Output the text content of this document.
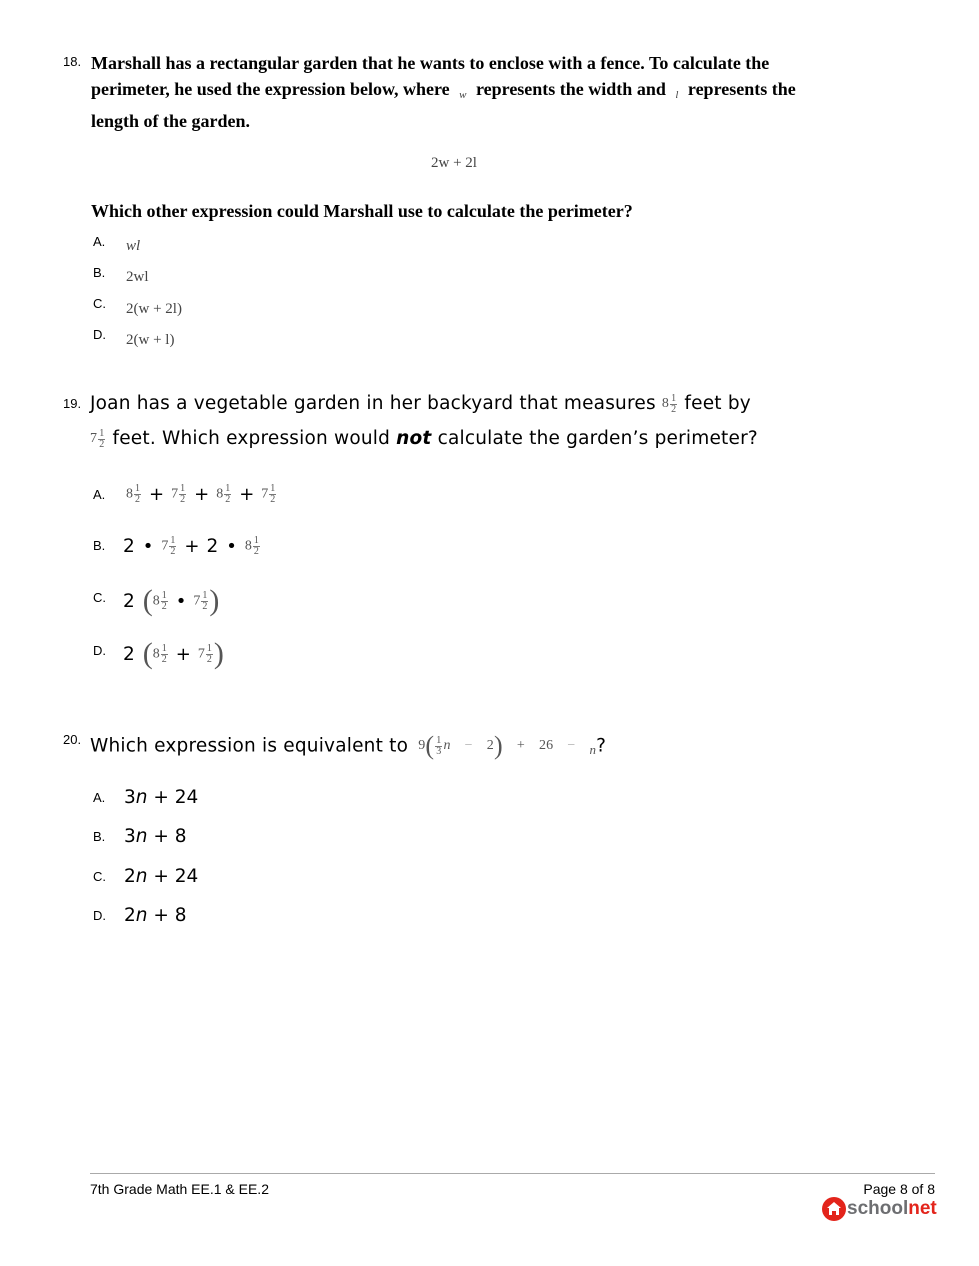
18. Marshall has a rectangular garden that he wants to enclose with a fence. To calculate the
perimeter, he used the expression below, where w represents the width and l represents the
length of the garden.
2w + 2l
Which other expression could Marshall use to calculate the perimeter?
A. wl
B. 2wl
C. 2(w + 2l)
D. 2(w + l)
19. Joan has a vegetable garden in her backyard that measures $8 \frac{1}{2}$ feet by
$7 \frac{1}{2}$ feet. Which expression would not calculate the garden’s perimeter?
A. $8 \frac{1}{2} + 7 \frac{1}{2} + 8 \frac{1}{2} + 7 \frac{1}{2}$
B. 2 • $7 \frac{1}{2} + 2$ • $8 \frac{1}{2}$
C. 2 ($8 \frac{1}{2}$ • $7 \frac{1}{2}$ )
D. 2 ($8 \frac{1}{2} + 7 \frac{1}{2}$ )
20. Which expression is equivalent to $9( \frac{1}{3}$ n − 2) + 26 − n?
A. 3n + 24
B. 3n + 8
C. 2n + 24
D. 2n + 8
7th Grade Math EE.1 & EE.2	Page 8 of 8
schoolnet
